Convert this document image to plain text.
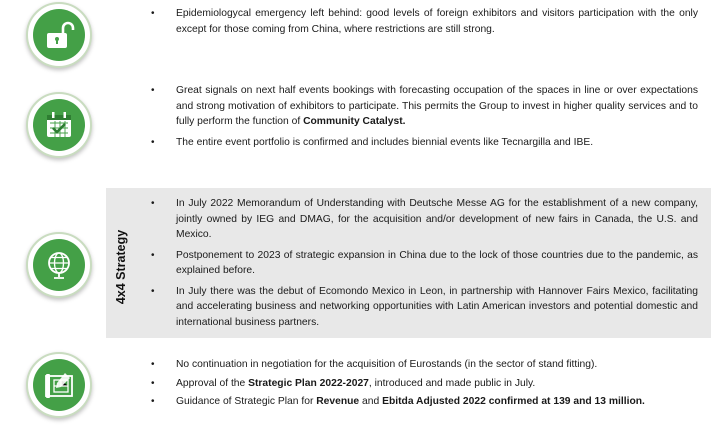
4x4 Strategy
• Epidemiologycal emergency left behind: good levels of foreign exhibitors and visitors participation with the only except for those coming from China, where restrictions are still strong.
• Great signals on next half events bookings with forecasting occupation of the spaces in line or over expectations and strong motivation of exhibitors to participate. This permits the Group to invest in higher quality services and to fully perform the function of Community Catalyst.
• The entire event portfolio is confirmed and includes biennial events like Tecnargilla and IBE.
• In July 2022 Memorandum of Understanding with Deutsche Messe AG for the establishment of a new company, jointly owned by IEG and DMAG, for the acquisition and/or development of new fairs in Canada, the U.S. and Mexico.
• Postponement to 2023 of strategic expansion in China due to the lock of those countries due to the pandemic, as explained before.
• In July there was the debut of Ecomondo Mexico in Leon, in partnership with Hannover Fairs Mexico, facilitating and accelerating business and networking opportunities with Latin American investors and potential domestic and international business partners.
• No continuation in negotiation for the acquisition of Eurostands (in the sector of stand fitting).
• Approval of the Strategic Plan 2022-2027, introduced and made public in July.
• Guidance of Strategic Plan for Revenue and Ebitda Adjusted 2022 confirmed at 139 and 13 million.
